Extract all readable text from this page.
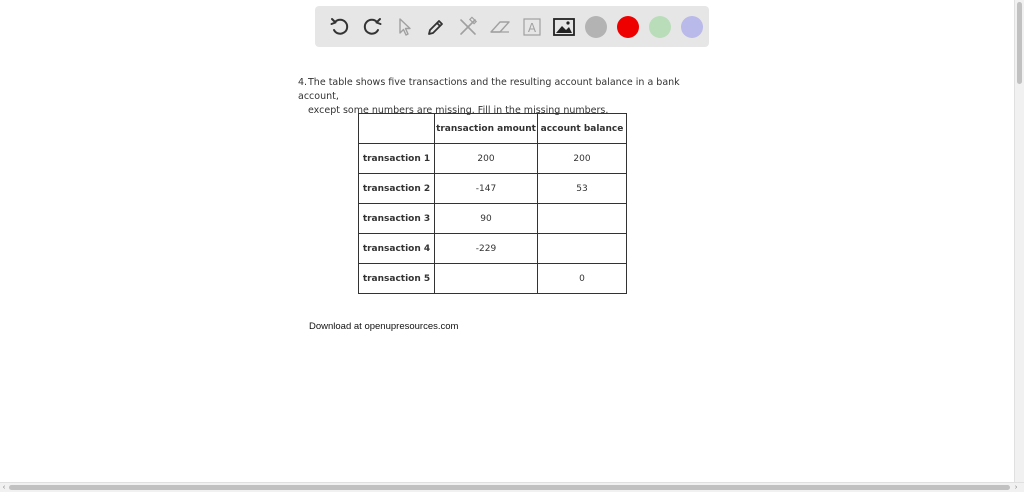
A
4.The table shows five transactions and the resulting account balance in a bank account,
except some numbers are missing. Fill in the missing numbers.
	transaction amount	account balance
transaction 1	200	200
transaction 2	-147	53
transaction 3	90	
transaction 4	-229	
transaction 5		0
Download at openupresources.com
‹	›
